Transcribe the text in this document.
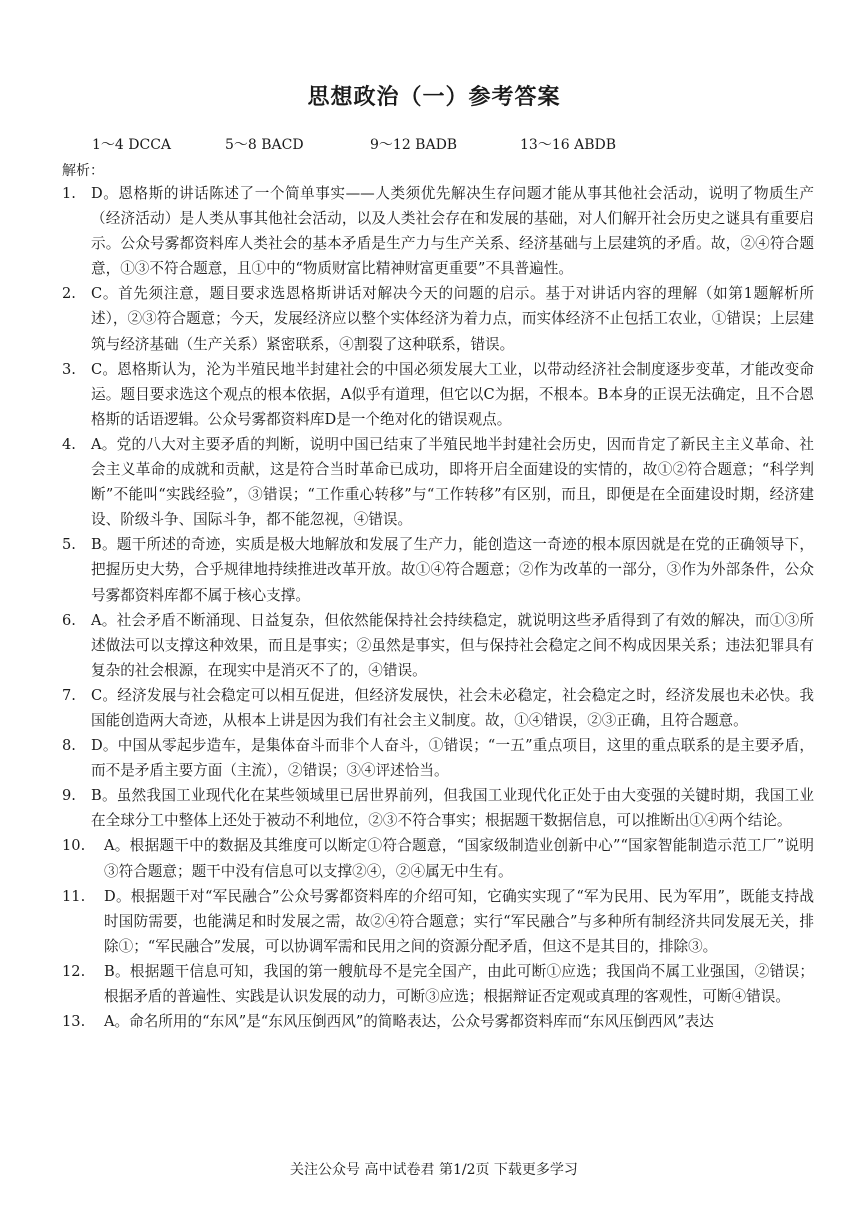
思想政治（一）参考答案
1～4 DCCA	5～8 BACD	9～12 BADB	13～16 ABDB
解析：
1. D。恩格斯的讲话陈述了一个简单事实——人类须优先解决生存问题才能从事其他社会活动，说明了物质生产（经济活动）是人类从事其他社会活动，以及人类社会存在和发展的基础，对人们解开社会历史之谜具有重要启示。公众号雾都资料库人类社会的基本矛盾是生产力与生产关系、经济基础与上层建筑的矛盾。故，②④符合题意，①③不符合题意，且①中的“物质财富比精神财富更重要”不具普遍性。
2. C。首先须注意，题目要求选恩格斯讲话对解决今天的问题的启示。基于对讲话内容的理解（如第1题解析所述），②③符合题意；今天，发展经济应以整个实体经济为着力点，而实体经济不止包括工农业，①错误；上层建筑与经济基础（生产关系）紧密联系，④割裂了这种联系，错误。
3. C。恩格斯认为，沦为半殖民地半封建社会的中国必须发展大工业，以带动经济社会制度逐步变革，才能改变命运。题目要求选这个观点的根本依据，A似乎有道理，但它以C为据，不根本。B本身的正误无法确定，且不合恩格斯的话语逻辑。公众号雾都资料库D是一个绝对化的错误观点。
4. A。党的八大对主要矛盾的判断，说明中国已结束了半殖民地半封建社会历史，因而肯定了新民主主义革命、社会主义革命的成就和贡献，这是符合当时革命已成功，即将开启全面建设的实情的，故①②符合题意；“科学判断”不能叫“实践经验”，③错误；“工作重心转移”与“工作转移”有区别，而且，即便是在全面建设时期，经济建设、阶级斗争、国际斗争，都不能忽视，④错误。
5. B。题干所述的奇迹，实质是极大地解放和发展了生产力，能创造这一奇迹的根本原因就是在党的正确领导下，把握历史大势，合乎规律地持续推进改革开放。故①④符合题意；②作为改革的一部分，③作为外部条件，公众号雾都资料库都不属于核心支撑。
6. A。社会矛盾不断涌现、日益复杂，但依然能保持社会持续稳定，就说明这些矛盾得到了有效的解决，而①③所述做法可以支撑这种效果，而且是事实；②虽然是事实，但与保持社会稳定之间不构成因果关系；违法犯罪具有复杂的社会根源，在现实中是消灭不了的，④错误。
7. C。经济发展与社会稳定可以相互促进，但经济发展快，社会未必稳定，社会稳定之时，经济发展也未必快。我国能创造两大奇迹，从根本上讲是因为我们有社会主义制度。故，①④错误，②③正确，且符合题意。
8. D。中国从零起步造车，是集体奋斗而非个人奋斗，①错误；“一五”重点项目，这里的重点联系的是主要矛盾，而不是矛盾主要方面（主流），②错误；③④评述恰当。
9. B。虽然我国工业现代化在某些领域里已居世界前列，但我国工业现代化正处于由大变强的关键时期，我国工业在全球分工中整体上还处于被动不利地位，②③不符合事实；根据题干数据信息，可以推断出①④两个结论。
10. A。根据题干中的数据及其维度可以断定①符合题意，“国家级制造业创新中心”“国家智能制造示范工厂”说明③符合题意；题干中没有信息可以支撑②④，②④属无中生有。
11. D。根据题干对“军民融合”公众号雾都资料库的介绍可知，它确实实现了“军为民用、民为军用”，既能支持战时国防需要，也能满足和时发展之需，故②④符合题意；实行“军民融合”与多种所有制经济共同发展无关，排除①；“军民融合”发展，可以协调军需和民用之间的资源分配矛盾，但这不是其目的，排除③。
12. B。根据题干信息可知，我国的第一艘航母不是完全国产，由此可断①应选；我国尚不属工业强国，②错误；根据矛盾的普遍性、实践是认识发展的动力，可断③应选；根据辩证否定观或真理的客观性，可断④错误。
13. A。命名所用的“东风”是“东风压倒西风”的简略表达，公众号雾都资料库而“东风压倒西风”表达
关注公众号 高中试卷君 第1/2页 下载更多学习
